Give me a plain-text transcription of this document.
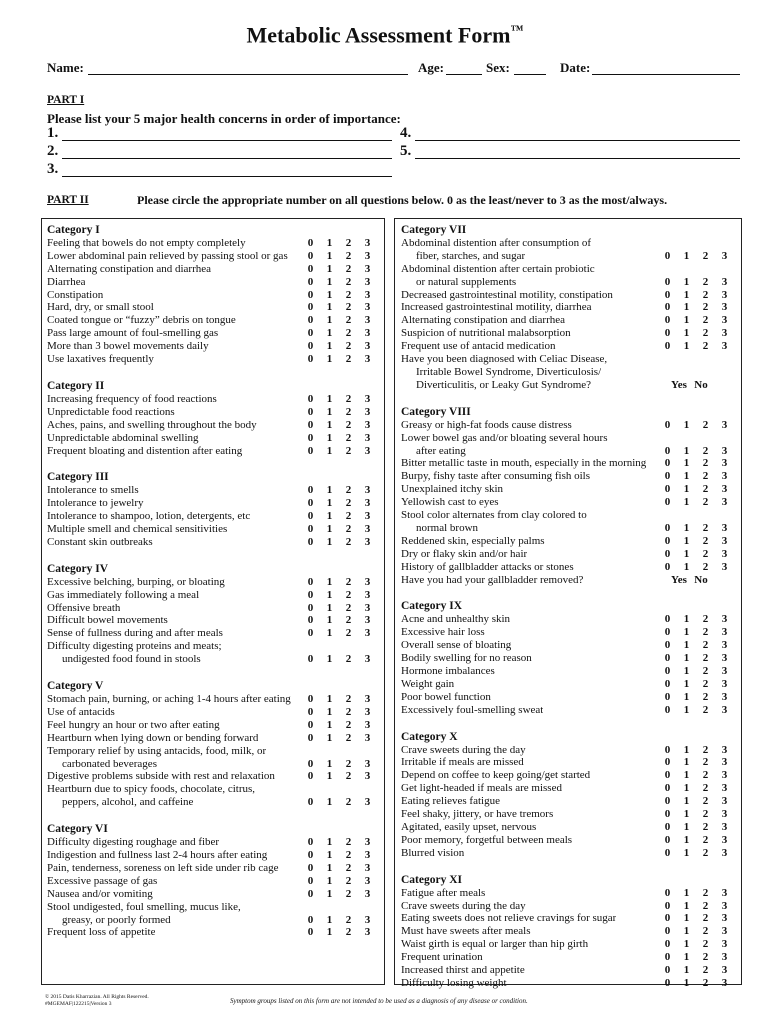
Metabolic Assessment Form™
Name:	Age:	Sex:	Date:
PART I
Please list your 5 major health concerns in order of importance:
1.
2.
3.
4.
5.
PART II	Please circle the appropriate number on all questions below. 0 as the least/never to 3 as the most/always.
Category I
Feeling that bowels do not empty completely	0	1	2	3
Lower abdominal pain relieved by passing stool or gas	0	1	2	3
Alternating constipation and diarrhea	0	1	2	3
Diarrhea	0	1	2	3
Constipation	0	1	2	3
Hard, dry, or small stool	0	1	2	3
Coated tongue or “fuzzy” debris on tongue	0	1	2	3
Pass large amount of foul-smelling gas	0	1	2	3
More than 3 bowel movements daily	0	1	2	3
Use laxatives frequently	0	1	2	3
Category II
Increasing frequency of food reactions	0	1	2	3
Unpredictable food reactions	0	1	2	3
Aches, pains, and swelling throughout the body	0	1	2	3
Unpredictable abdominal swelling	0	1	2	3
Frequent bloating and distention after eating	0	1	2	3
Category III
Intolerance to smells	0	1	2	3
Intolerance to jewelry	0	1	2	3
Intolerance to shampoo, lotion, detergents, etc	0	1	2	3
Multiple smell and chemical sensitivities	0	1	2	3
Constant skin outbreaks	0	1	2	3
Category IV
Excessive belching, burping, or bloating	0	1	2	3
Gas immediately following a meal	0	1	2	3
Offensive breath	0	1	2	3
Difficult bowel movements	0	1	2	3
Sense of fullness during and after meals	0	1	2	3
Difficulty digesting proteins and meats;
undigested food found in stools	0	1	2	3
Category V
Stomach pain, burning, or aching 1-4 hours after eating	0	1	2	3
Use of antacids	0	1	2	3
Feel hungry an hour or two after eating	0	1	2	3
Heartburn when lying down or bending forward	0	1	2	3
Temporary relief by using antacids, food, milk, or
carbonated beverages	0	1	2	3
Digestive problems subside with rest and relaxation	0	1	2	3
Heartburn due to spicy foods, chocolate, citrus,
peppers, alcohol, and caffeine	0	1	2	3
Category VI
Difficulty digesting roughage and fiber	0	1	2	3
Indigestion and fullness last 2-4 hours after eating	0	1	2	3
Pain, tenderness, soreness on left side under rib cage	0	1	2	3
Excessive passage of gas	0	1	2	3
Nausea and/or vomiting	0	1	2	3
Stool undigested, foul smelling, mucus like,
greasy, or poorly formed	0	1	2	3
Frequent loss of appetite	0	1	2	3
Category VII
Abdominal distention after consumption of
fiber, starches, and sugar	0	1	2	3
Abdominal distention after certain probiotic
or natural supplements	0	1	2	3
Decreased gastrointestinal motility, constipation	0	1	2	3
Increased gastrointestinal motility, diarrhea	0	1	2	3
Alternating constipation and diarrhea	0	1	2	3
Suspicion of nutritional malabsorption	0	1	2	3
Frequent use of antacid medication	0	1	2	3
Have you been diagnosed with Celiac Disease,
Irritable Bowel Syndrome, Diverticulosis/
Diverticulitis, or Leaky Gut Syndrome?	Yes No
Category VIII
Greasy or high-fat foods cause distress	0	1	2	3
Lower bowel gas and/or bloating several hours
after eating	0	1	2	3
Bitter metallic taste in mouth, especially in the morning	0	1	2	3
Burpy, fishy taste after consuming fish oils	0	1	2	3
Unexplained itchy skin	0	1	2	3
Yellowish cast to eyes	0	1	2	3
Stool color alternates from clay colored to
normal brown	0	1	2	3
Reddened skin, especially palms	0	1	2	3
Dry or flaky skin and/or hair	0	1	2	3
History of gallbladder attacks or stones	0	1	2	3
Have you had your gallbladder removed?	Yes No
Category IX
Acne and unhealthy skin	0	1	2	3
Excessive hair loss	0	1	2	3
Overall sense of bloating	0	1	2	3
Bodily swelling for no reason	0	1	2	3
Hormone imbalances	0	1	2	3
Weight gain	0	1	2	3
Poor bowel function	0	1	2	3
Excessively foul-smelling sweat	0	1	2	3
Category X
Crave sweets during the day	0	1	2	3
Irritable if meals are missed	0	1	2	3
Depend on coffee to keep going/get started	0	1	2	3
Get light-headed if meals are missed	0	1	2	3
Eating relieves fatigue	0	1	2	3
Feel shaky, jittery, or have tremors	0	1	2	3
Agitated, easily upset, nervous	0	1	2	3
Poor memory, forgetful between meals	0	1	2	3
Blurred vision	0	1	2	3
Category XI
Fatigue after meals	0	1	2	3
Crave sweets during the day	0	1	2	3
Eating sweets does not relieve cravings for sugar	0	1	2	3
Must have sweets after meals	0	1	2	3
Waist girth is equal or larger than hip girth	0	1	2	3
Frequent urination	0	1	2	3
Increased thirst and appetite	0	1	2	3
Difficulty losing weight	0	1	2	3
© 2015 Datis Kharrazian. All Rights Reserved.
#MGEMAF|122215|Version 3	Symptom groups listed on this form are not intended to be used as a diagnosis of any disease or condition.
